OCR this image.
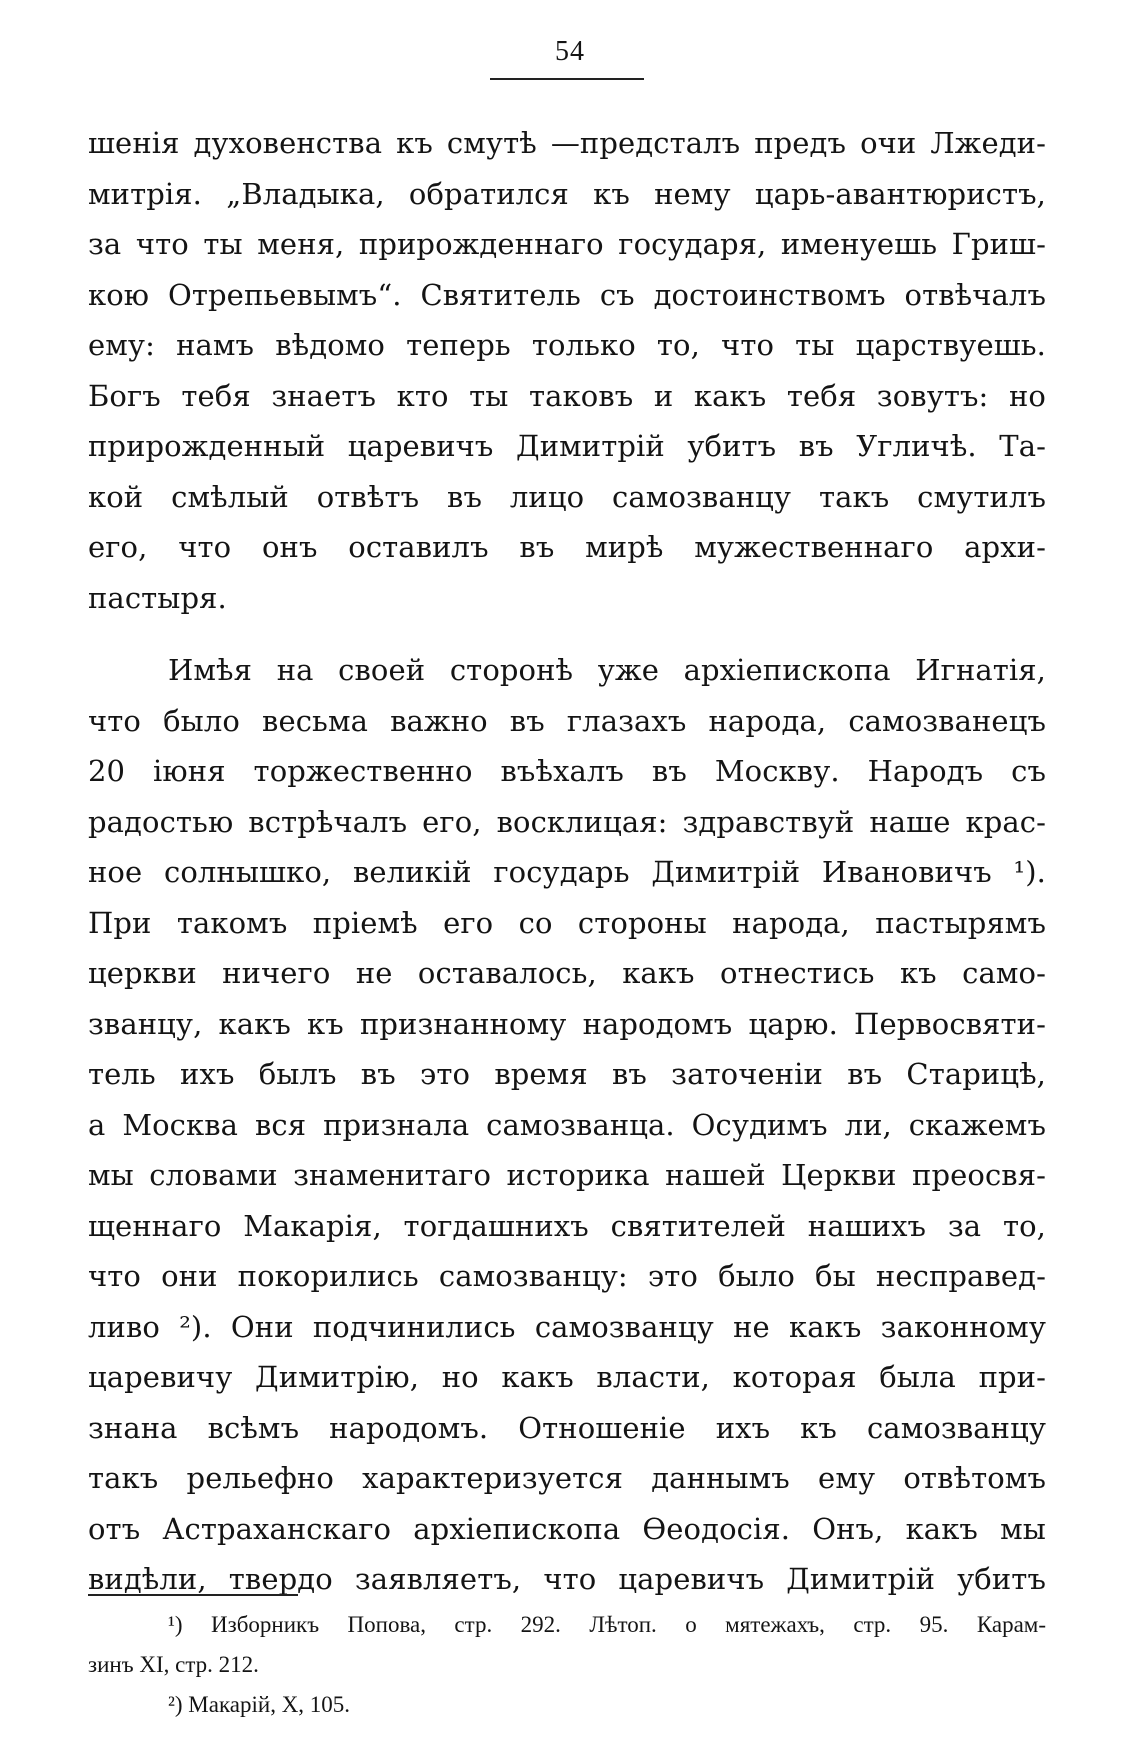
54
шенія духовенства къ смутѣ —предсталъ предъ очи Лжеди-
митрія. „Владыка, обратился къ нему царь-авантюристъ,
за что ты меня, прирожденнаго государя, именуешь Гриш-
кою Отрепьевымъ“. Святитель съ достоинствомъ отвѣчалъ
ему: намъ вѣдомо теперь только то, что ты царствуешь.
Богъ тебя знаетъ кто ты таковъ и какъ тебя зовутъ: но
прирожденный царевичъ Димитрій убитъ въ Угличѣ. Та-
кой смѣлый отвѣтъ въ лицо самозванцу такъ смутилъ
его, что онъ оставилъ въ мирѣ мужественнаго архи-
пастыря.
Имѣя на своей сторонѣ уже архіепископа Игнатія,
что было весьма важно въ глазахъ народа, самозванецъ
20 іюня торжественно въѣхалъ въ Москву. Народъ съ
радостью встрѣчалъ его, восклицая: здравствуй наше крас-
ное солнышко, великій государь Димитрій Ивановичъ ¹).
При такомъ пріемѣ его со стороны народа, пастырямъ
церкви ничего не оставалось, какъ отнестись къ само-
званцу, какъ къ признанному народомъ царю. Первосвяти-
тель ихъ былъ въ это время въ заточеніи въ Старицѣ,
а Москва вся признала самозванца. Осудимъ ли, скажемъ
мы словами знаменитаго историка нашей Церкви преосвя-
щеннаго Макарія, тогдашнихъ святителей нашихъ за то,
что они покорились самозванцу: это было бы несправед-
ливо ²). Они подчинились самозванцу не какъ законному
царевичу Димитрію, но какъ власти, которая была при-
знана всѣмъ народомъ. Отношеніе ихъ къ самозванцу
такъ рельефно характеризуется даннымъ ему отвѣтомъ
отъ Астраханскаго архіепископа Ѳеодосія. Онъ, какъ мы
видѣли, твердо заявляетъ, что царевичъ Димитрій убитъ
¹) Изборникъ Попова, стр. 292. Лѣтоп. о мятежахъ, стр. 95. Карам-
зинъ XI, стр. 212.
²) Макарій, X, 105.
